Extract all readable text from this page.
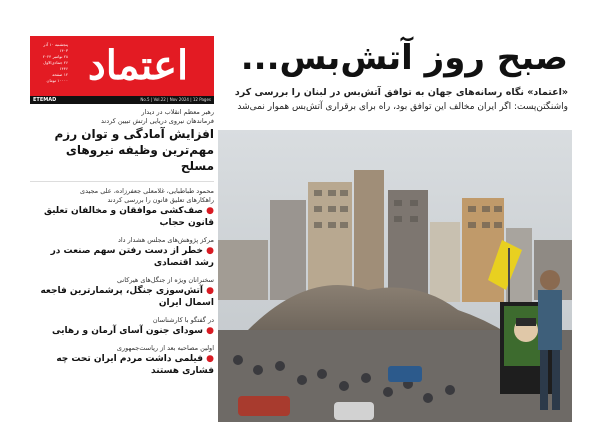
اعتماد
پنجشنبه ۱۰ آذر ۱۴۰۳
۲۸ نوامبر ۲۰۲۴
۲۶ جمادی‌الاول ۱۴۴۶
۱۲ صفحه
۱۰۰۰۰ تومان
ETEMAD	No.5 | Vol.22 | Nov 2024 | 12 Pages
صبح روز آتش‌بس...
«اعتماد» نگاه رسانه‌های جهان به توافق آتش‌بس در لبنان را بررسی کرد
واشنگتن‌پست: اگر ایران مخالف این توافق بود، راه برای برقراری آتش‌بس هموار نمی‌شد
رهبر معظم انقلاب در دیدار
فرماندهان نیروی دریایی ارتش تبیین کردند
افزایش آمادگی و توان رزم مهم‌ترین وظیفه نیروهای مسلح
محمود طباطبایی، غلامعلی جعفرزاده، علی مجیدی
راهکارهای تعلیق قانون را بررسی کردند
● صف‌کشی موافقان و مخالفان تعلیق قانون حجاب
مرکز پژوهش‌های مجلس هشدار داد
● خطر از دست رفتن سهم صنعت در رشد اقتصادی
سخنرانان ویژه از جنگل‌های هیرکانی
● آتش‌سوزی جنگل، پرشمارترین فاجعه اسمال ایران
در گفتگو با کارشناسان
● سودای جنون آسای آرمان و رهایی
اولین مصاحبه بعد از ریاست‌جمهوری
● فیلمی داشت مردم ایران تحت چه فشاری هستند
